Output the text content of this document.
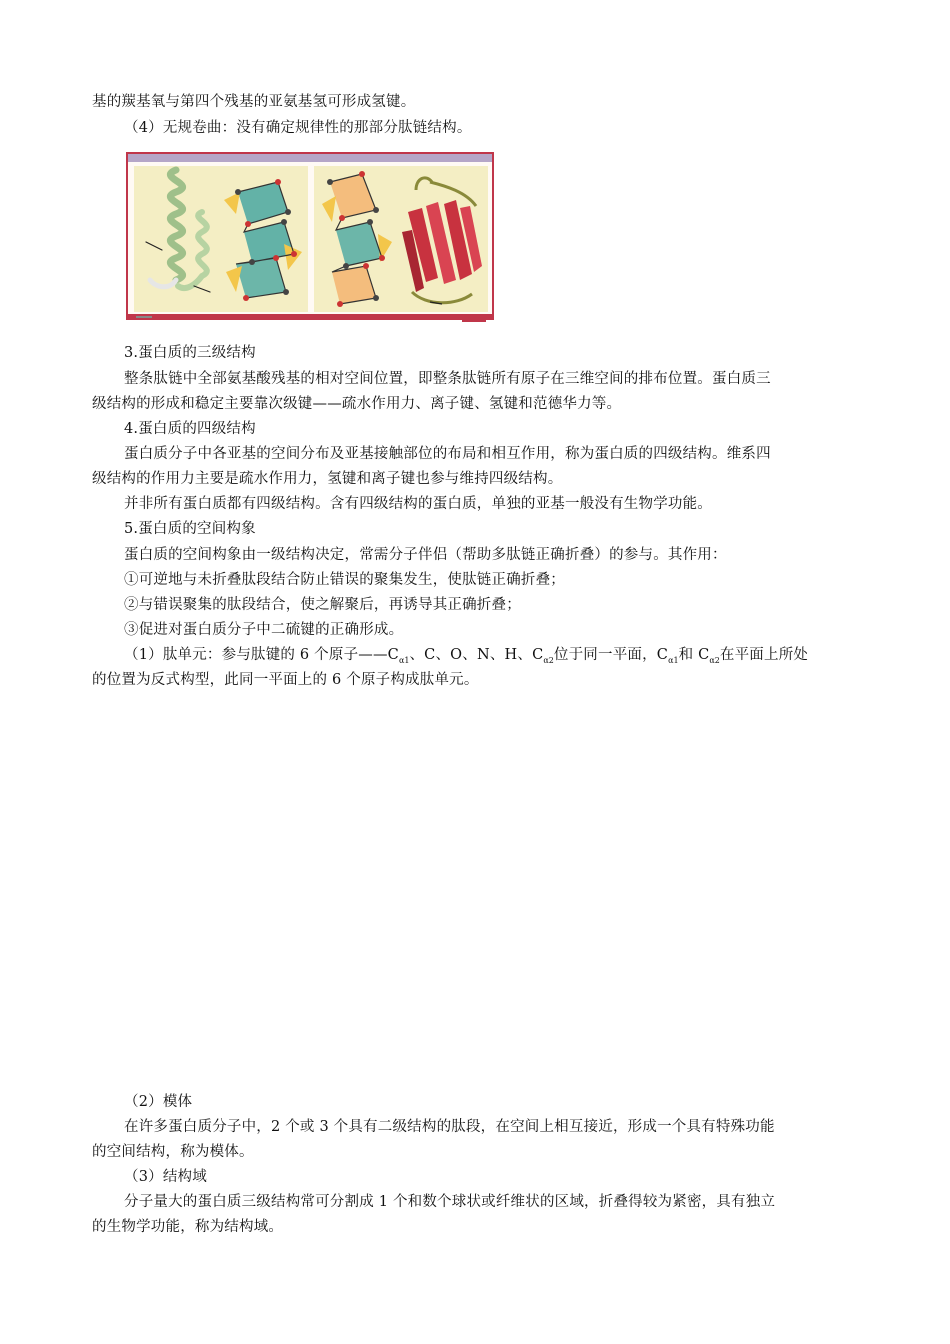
基的羰基氧与第四个残基的亚氨基氢可形成氢键。
（4）无规卷曲：没有确定规律性的那部分肽链结构。
3.蛋白质的三级结构
整条肽链中全部氨基酸残基的相对空间位置，即整条肽链所有原子在三维空间的排布位置。蛋白质三
级结构的形成和稳定主要靠次级键——疏水作用力、离子键、氢键和范德华力等。
4.蛋白质的四级结构
蛋白质分子中各亚基的空间分布及亚基接触部位的布局和相互作用，称为蛋白质的四级结构。维系四
级结构的作用力主要是疏水作用力，氢键和离子键也参与维持四级结构。
并非所有蛋白质都有四级结构。含有四级结构的蛋白质，单独的亚基一般没有生物学功能。
5.蛋白质的空间构象
蛋白质的空间构象由一级结构决定，常需分子伴侣（帮助多肽链正确折叠）的参与。其作用：
①可逆地与未折叠肽段结合防止错误的聚集发生，使肽链正确折叠；
②与错误聚集的肽段结合，使之解聚后，再诱导其正确折叠；
③促进对蛋白质分子中二硫键的正确形成。
（1）肽单元：参与肽键的 6 个原子$——C_{\alpha 1}$、C、O、N、H、$C_{\alpha 2}$位于同一平面，$C_{\alpha 1}$和 $C_{\alpha 2}$在平面上所处
的位置为反式构型，此同一平面上的 6 个原子构成肽单元。
（2）模体
在许多蛋白质分子中，2 个或 3 个具有二级结构的肽段，在空间上相互接近，形成一个具有特殊功能
的空间结构，称为模体。
（3）结构域
分子量大的蛋白质三级结构常可分割成 1 个和数个球状或纤维状的区域，折叠得较为紧密，具有独立
的生物学功能，称为结构域。
